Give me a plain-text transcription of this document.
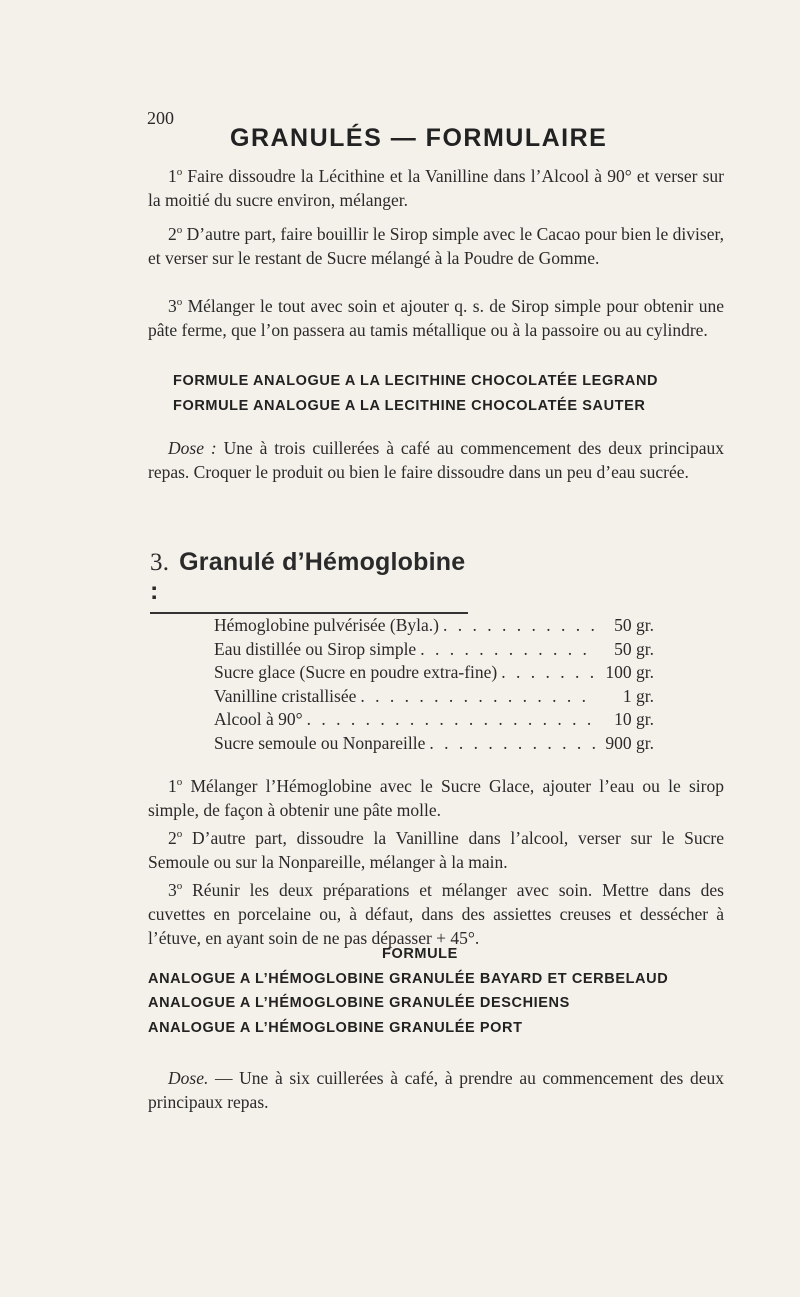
200
GRANULÉS — FORMULAIRE

1$^o$ Faire dissoudre la Lécithine et la Vanilline dans l’Alcool à 90° et verser sur la moitié du sucre environ, mélanger.

2$^o$ D’autre part, faire bouillir le Sirop simple avec le Cacao pour bien le diviser, et verser sur le restant de Sucre mélangé à la Poudre de Gomme.

3$^o$ Mélanger le tout avec soin et ajouter q. s. de Sirop simple pour obtenir une pâte ferme, que l’on passera au tamis métallique ou à la passoire ou au cylindre.

FORMULE ANALOGUE A LA LECITHINE CHOCOLATÉE LEGRAND
FORMULE ANALOGUE A LA LECITHINE CHOCOLATÉE SAUTER

Dose : Une à trois cuillerées à café au commencement des deux principaux repas. Croquer le produit ou bien le faire dissoudre dans un peu d’eau sucrée.

3. Granulé d’Hémoglobine :
Hémoglobine pulvérisée (Byla.) . . .	50 gr.
Eau distillée ou Sirop simple . . .	50 gr.
Sucre glace (Sucre en poudre extra-fine) . . .	100 gr.
Vanilline cristallisée . . .	1 gr.
Alcool à 90° . . .	10 gr.
Sucre semoule ou Nonpareille . . .	900 gr.

1$^o$ Mélanger l’Hémoglobine avec le Sucre Glace, ajouter l’eau ou le sirop simple, de façon à obtenir une pâte molle.

2$^o$ D’autre part, dissoudre la Vanilline dans l’alcool, verser sur le Sucre Semoule ou sur la Nonpareille, mélanger à la main.

3$^o$ Réunir les deux préparations et mélanger avec soin. Mettre dans des cuvettes en porcelaine ou, à défaut, dans des assiettes creuses et dessécher à l’étuve, en ayant soin de ne pas dépasser + 45°.

FORMULE
ANALOGUE A L’HÉMOGLOBINE GRANULÉE BAYARD ET CERBELAUD
ANALOGUE A L’HÉMOGLOBINE GRANULÉE DESCHIENS
ANALOGUE A L’HÉMOGLOBINE GRANULÉE PORT

Dose. — Une à six cuillerées à café, à prendre au commencement des deux principaux repas.
